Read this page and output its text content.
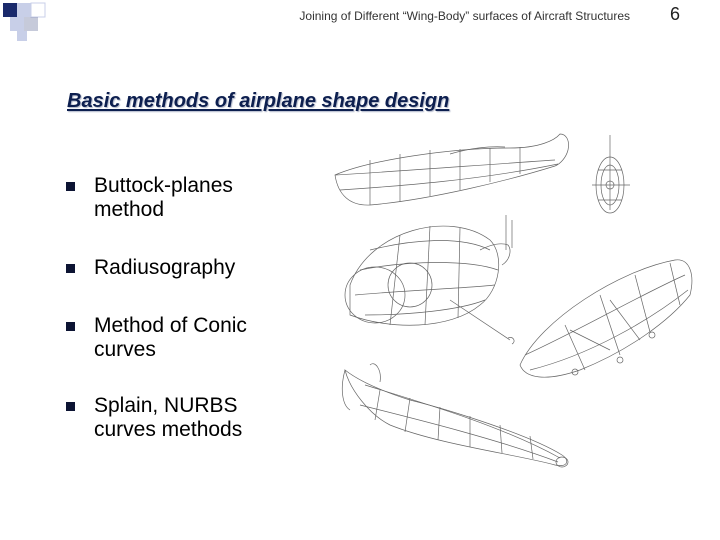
Joining of Different “Wing-Body” surfaces of Aircraft Structures 6
Basic methods of airplane shape design
Buttock-planes
method
Radiusography
Method of Conic
curves
Splain, NURBS
curves methods
